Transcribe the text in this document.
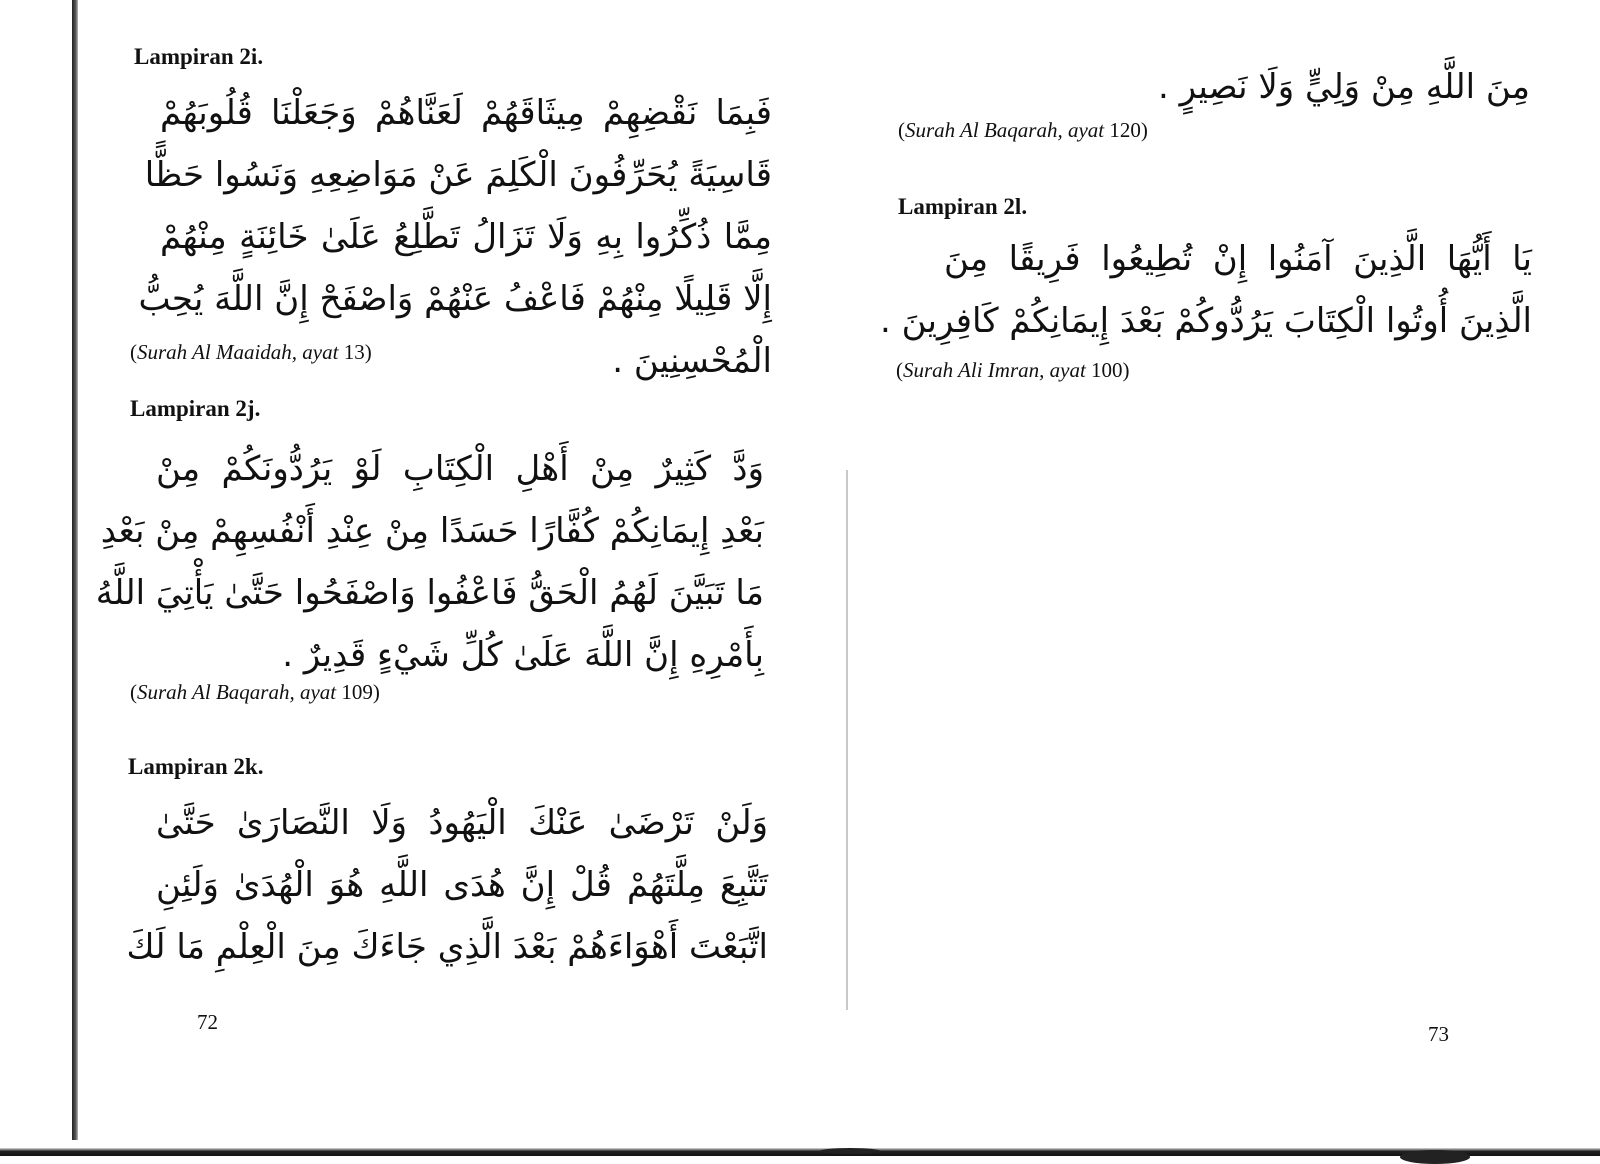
Lampiran 2i.
فَبِمَا نَقْضِهِمْ مِيثَاقَهُمْ لَعَنَّاهُمْ وَجَعَلْنَا قُلُوبَهُمْ
قَاسِيَةً يُحَرِّفُونَ الْكَلِمَ عَنْ مَوَاضِعِهِ وَنَسُوا حَظًّا
مِمَّا ذُكِّرُوا بِهِ وَلَا تَزَالُ تَطَّلِعُ عَلَىٰ خَائِنَةٍ مِنْهُمْ
إِلَّا قَلِيلًا مِنْهُمْ فَاعْفُ عَنْهُمْ وَاصْفَحْ إِنَّ اللَّهَ يُحِبُّ
الْمُحْسِنِينَ .

(Surah Al Maaidah, ayat 13)

Lampiran 2j.
وَدَّ كَثِيرٌ مِنْ أَهْلِ الْكِتَابِ لَوْ يَرُدُّونَكُمْ مِنْ
بَعْدِ إِيمَانِكُمْ كُفَّارًا حَسَدًا مِنْ عِنْدِ أَنْفُسِهِمْ مِنْ بَعْدِ
مَا تَبَيَّنَ لَهُمُ الْحَقُّ فَاعْفُوا وَاصْفَحُوا حَتَّىٰ يَأْتِيَ اللَّهُ
بِأَمْرِهِ إِنَّ اللَّهَ عَلَىٰ كُلِّ شَيْءٍ قَدِيرٌ .

(Surah Al Baqarah, ayat 109)

Lampiran 2k.
وَلَنْ تَرْضَىٰ عَنْكَ الْيَهُودُ وَلَا النَّصَارَىٰ حَتَّىٰ
تَتَّبِعَ مِلَّتَهُمْ قُلْ إِنَّ هُدَى اللَّهِ هُوَ الْهُدَىٰ وَلَئِنِ
اتَّبَعْتَ أَهْوَاءَهُمْ بَعْدَ الَّذِي جَاءَكَ مِنَ الْعِلْمِ مَا لَكَ
72
مِنَ اللَّهِ مِنْ وَلِيٍّ وَلَا نَصِيرٍ .

(Surah Al Baqarah, ayat 120)

Lampiran 2l.
يَا أَيُّهَا الَّذِينَ آمَنُوا إِنْ تُطِيعُوا فَرِيقًا مِنَ
الَّذِينَ أُوتُوا الْكِتَابَ يَرُدُّوكُمْ بَعْدَ إِيمَانِكُمْ كَافِرِينَ .

(Surah Ali Imran, ayat 100)

73
